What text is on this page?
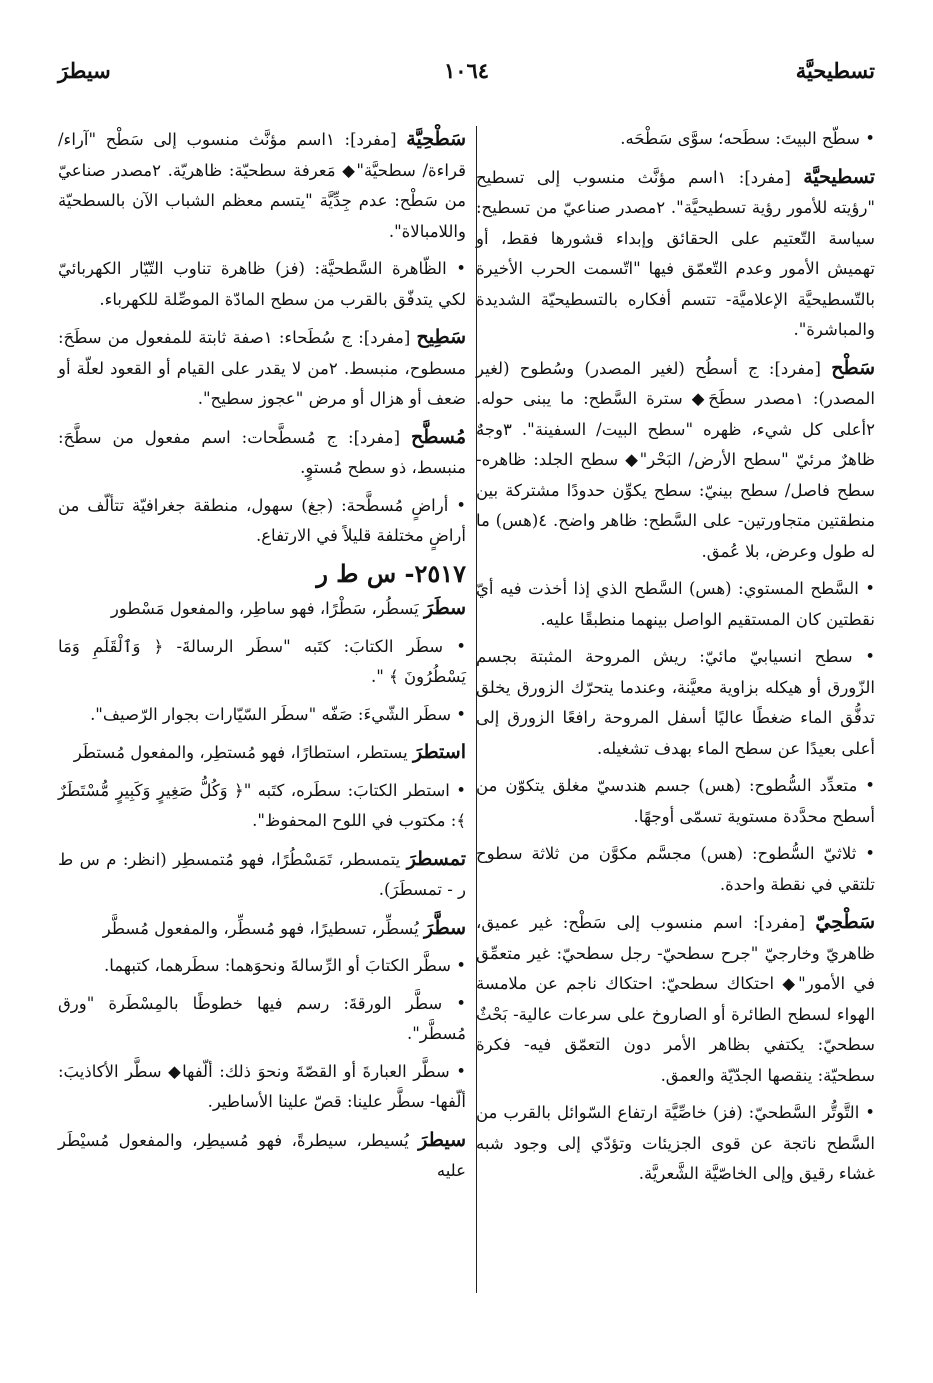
تسطيحيَّة
١٠٦٤
سيطرَ
• سطّح البيتَ: سطَحه؛ سوَّى سَطْحَه.
تسطيحيَّة [مفرد]: ١اسم مؤنَّث منسوب إلى تسطيح "رؤيته للأمور رؤية تسطيحيَّة". ٢مصدر صناعيّ من تسطيح: سياسة التّعتيم على الحقائق وإبداء قشورها فقط، أو تهميش الأمور وعدم التّعمّق فيها "اتّسمت الحرب الأخيرة بالتّسطيحيَّة الإعلاميَّة- تتسم أفكاره بالتسطيحيّة الشديدة والمباشرة".
سَطْح [مفرد]: ج أسطُح (لغير المصدر) وسُطوح (لغير المصدر): ١مصدر سطَحَ◆ سترة السَّطح: ما يبنى حوله. ٢أعلى كل شيء، ظهره "سطح البيت/ السفينة". ٣وجهٌ ظاهرٌ مرئيّ "سطح الأرض/ البَحْر"◆ سطح الجلد: ظاهره- سطح فاصل/ سطح بينيّ: سطح يكوِّن حدودًا مشتركة بين منطقتين متجاورتين- على السَّطح: ظاهر واضح. ٤(هس) ما له طول وعرض، بلا عُمق.
• السَّطح المستوي: (هس) السَّطح الذي إذا أخذت فيه أيّ نقطتين كان المستقيم الواصل بينهما منطبقًا عليه.
• سطح انسيابيّ مائيّ: ريش المروحة المثبتة بجسم الزّورق أو هيكله بزاوية معيَّنة، وعندما يتحرّك الزورق يخلق تدفُّق الماء ضغطًا عاليًا أسفل المروحة رافعًا الزورق إلى أعلى بعيدًا عن سطح الماء بهدف تشغيله.
• متعدِّد السُّطوح: (هس) جسم هندسيّ مغلق يتكوّن من أسطح محدَّدة مستوية تسمّى أوجهًا.
• ثلاثيّ السُّطوح: (هس) مجسَّم مكوَّن من ثلاثة سطوح تلتقي في نقطة واحدة.
سَطْحِيّ [مفرد]: اسم منسوب إلى سَطْح: غير عميق، ظاهريّ وخارجيّ "جرح سطحيّ- رجل سطحيّ: غير متعمِّق في الأمور"◆ احتكاك سطحيّ: احتكاك ناجم عن ملامسة الهواء لسطح الطائرة أو الصاروخ على سرعات عالية- بَحْثٌ سطحيّ: يكتفي بظاهر الأمر دون التعمّق فيه- فكرة سطحيّة: ينقصها الجدّيّة والعمق.
• التَّوتُّر السَّطحيّ: (فز) خاصِّيَّة ارتفاع السّوائل بالقرب من السَّطح ناتجة عن قوى الجزيئات وتؤدّي إلى وجود شبه غشاء رقيق وإلى الخاصّيَّة الشَّعريَّة.
سَطْحِيَّة [مفرد]: ١اسم مؤنَّث منسوب إلى سَطْح "آراء/ قراءة/ سطحيَّة"◆ مَعرفة سطحيّة: ظاهريّة. ٢مصدر صناعيّ من سَطْح: عدم جِدِّيَّة "يتسم معظم الشباب الآن بالسطحيّة واللامبالاة".
• الظّاهرة السَّطحيَّة: (فز) ظاهرة تناوب التّيّار الكهربائيّ لكي يتدفّق بالقرب من سطح المادّة الموصِّلة للكهرباء.
سَطِيح [مفرد]: ج سُطَحاء: ١صفة ثابتة للمفعول من سطَحَ: مسطوح، منبسط. ٢من لا يقدر على القيام أو القعود لعلّة أو ضعف أو هزال أو مرض "عجوز سطيح".
مُسطَّح [مفرد]: ج مُسطَّحات: اسم مفعول من سطَّحَ: منبسط، ذو سطح مُستوٍ.
• أراضٍ مُسطَّحة: (جغ) سهول، منطقة جغرافيّة تتألّف من أراضٍ مختلفة قليلاً في الارتفاع.
٢٥١٧- س ط ر
سطَرَ يَسطُر، سَطْرًا، فهو ساطِر، والمفعول مَسْطور
• سطَر الكتابَ: كتَبه "سطَر الرسالةَ- ﴿ وَٱلْقَلَمِ وَمَا يَسْطُرُونَ ﴾ ".
• سطَر الشّيءَ: صَفّه "سطَر السّيّارات بجوار الرّصيف".
استطرَ يستطر، استطارًا، فهو مُستطِر، والمفعول مُستطَر
• استطر الكتابَ: سطَره، كتَبه "﴿ وَكُلُّ صَغِيرٍ وَكَبِيرٍ مُّسْتَطَرٌ ﴾: مكتوب في اللوح المحفوظ".
تمسطرَ يتمسطر، تَمَسْطُرًا، فهو مُتمسطِر (انظر: م س ط ر - تمسطَرَ).
سطَّرَ يُسطِّر، تسطيرًا، فهو مُسطِّر، والمفعول مُسطَّر
• سطَّر الكتابَ أو الرِّسالةَ ونحوَهما: سطَرهما، كتبهما.
• سطَّر الورقةَ: رسم فيها خطوطًا بالمِسْطَرة "ورق مُسطَّر".
• سطَّر العبارةَ أو القصّةَ ونحوَ ذلك: ألّفها◆ سطَّر الأكاذيبَ: ألّفها- سطَّر علينا: قصّ علينا الأساطير.
سيطرَ يُسيطر، سيطرةً، فهو مُسيطِر، والمفعول مُسيْطَر عليه
